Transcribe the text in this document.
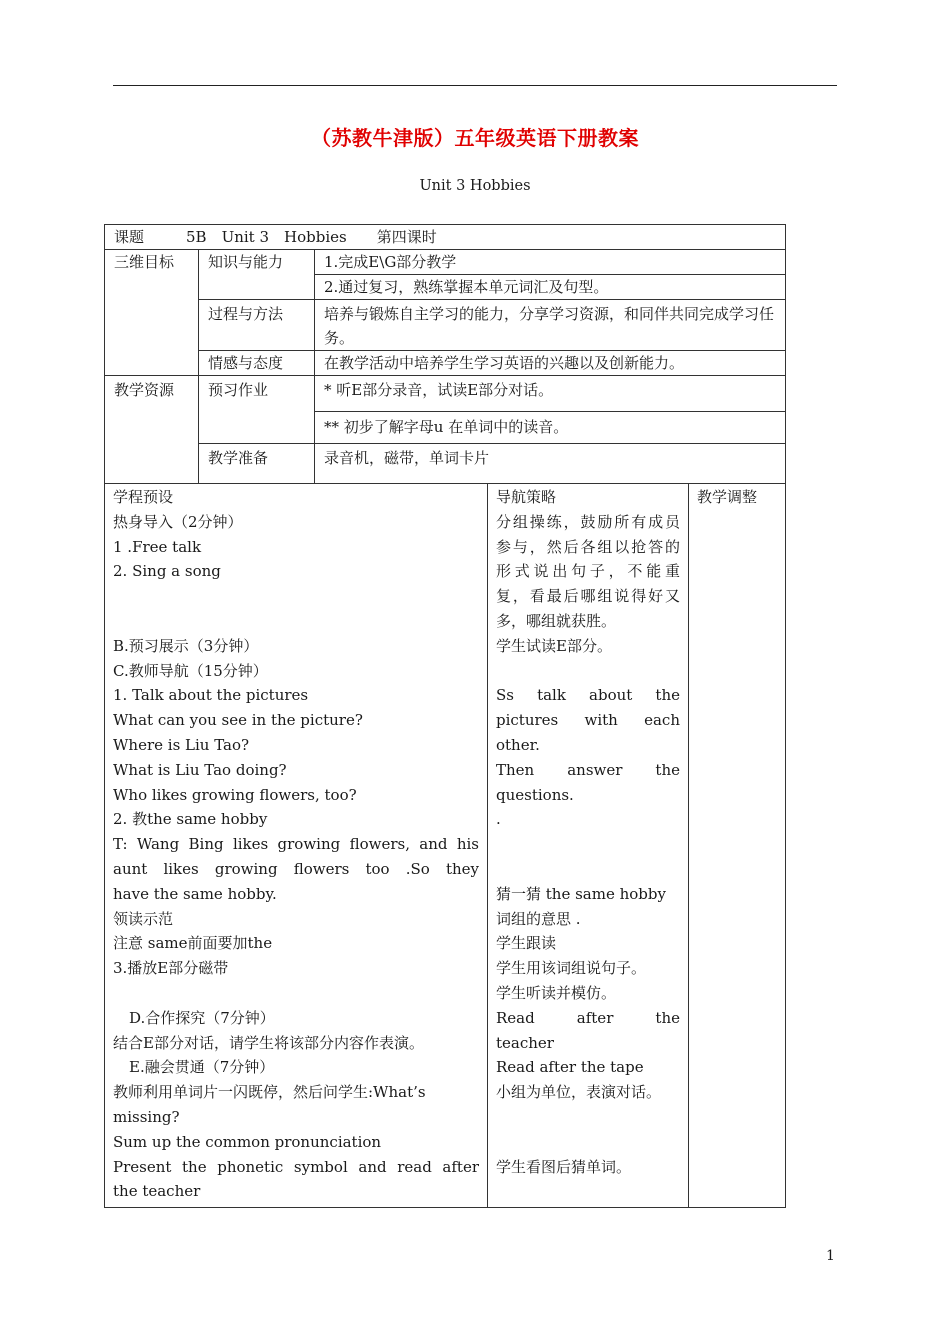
（苏教牛津版）五年级英语下册教案
Unit 3 Hobbies
课题 5B　Unit 3　Hobbies　　第四课时		
三维目标	知识与能力	1.完成E\G部分教学
		2.通过复习，熟练掌握本单元词汇及句型。
	过程与方法	培养与锻炼自主学习的能力，分享学习资源，和同伴共同完成学习任务。
	情感与态度	在教学活动中培养学生学习英语的兴趣以及创新能力。
教学资源	预习作业	* 听E部分录音，试读E部分对话。
		** 初步了解字母u 在单词中的读音。
	教学准备	录音机，磁带，单词卡片
学程预设
热身导入（2分钟）
1 .Free talk
2. Sing a song

B.预习展示（3分钟）
C.教师导航（15分钟）
1. Talk about the pictures
What can you see in the picture?
Where is Liu Tao?
What is Liu Tao doing?
Who likes growing flowers, too?
2. 教the same hobby
T: Wang Bing likes growing flowers, and his
aunt likes growing flowers too .So they
have the same hobby.
领读示范
注意 same前面要加the
3.播放E部分磁带

D.合作探究（7分钟）
结合E部分对话，请学生将该部分内容作表演。
E.融会贯通（7分钟）
教师利用单词片一闪既停，然后问学生:What’s
missing?
Sum up the common pronunciation
Present the phonetic symbol and read after
the teacher

导航策略
分组操练，鼓励所有成员
参与，然后各组以抢答的
形式说出句子，不能重
复，看最后哪组说得好又
多，哪组就获胜。
学生试读E部分。

Ss talk about the
pictures with each
other.
Then answer the
questions.
.

猜一猜 the same hobby
词组的意思 .
学生跟读
学生用该词组说句子。
学生听读并模仿。
Read after the
teacher
Read after the tape
小组为单位，表演对话。

学生看图后猜单词。

教学调整
1
